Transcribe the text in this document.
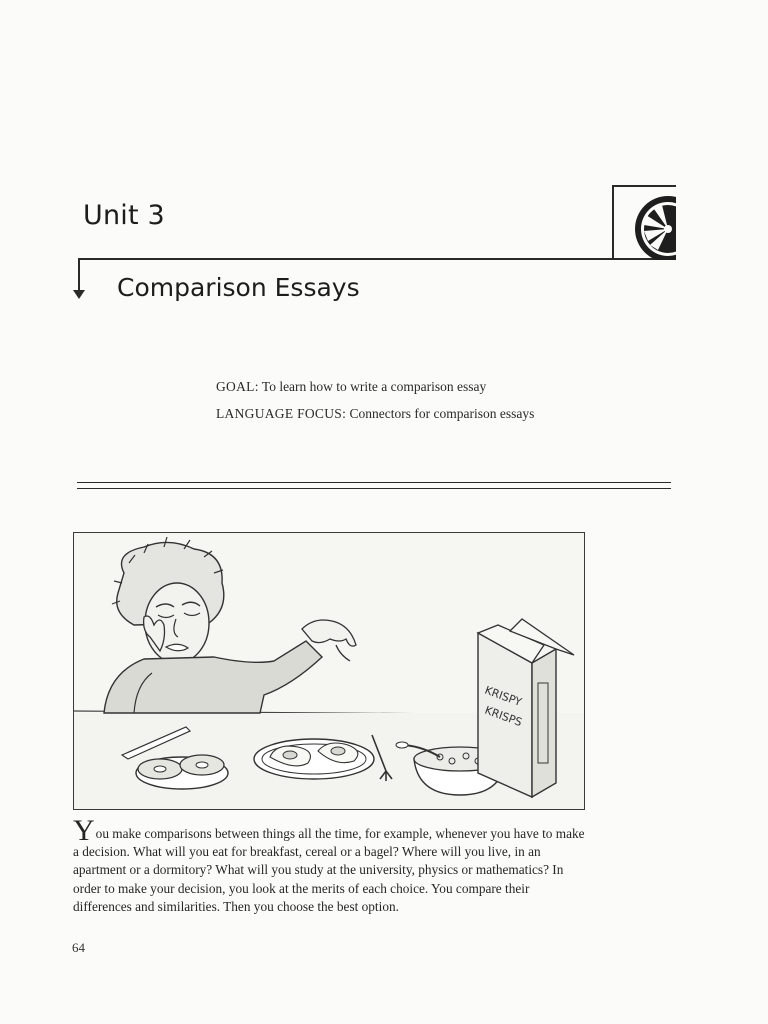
Unit 3
Comparison Essays
GOAL: To learn how to write a comparison essay
LANGUAGE FOCUS: Connectors for comparison essays
KRISPY
KRISPS
You make comparisons between things all the time, for example, whenever you have to make a decision. What will you eat for breakfast, cereal or a bagel? Where will you live, in an apartment or a dormitory? What will you study at the university, physics or mathematics? In order to make your decision, you look at the merits of each choice. You compare their differences and similarities. Then you choose the best option.
64
